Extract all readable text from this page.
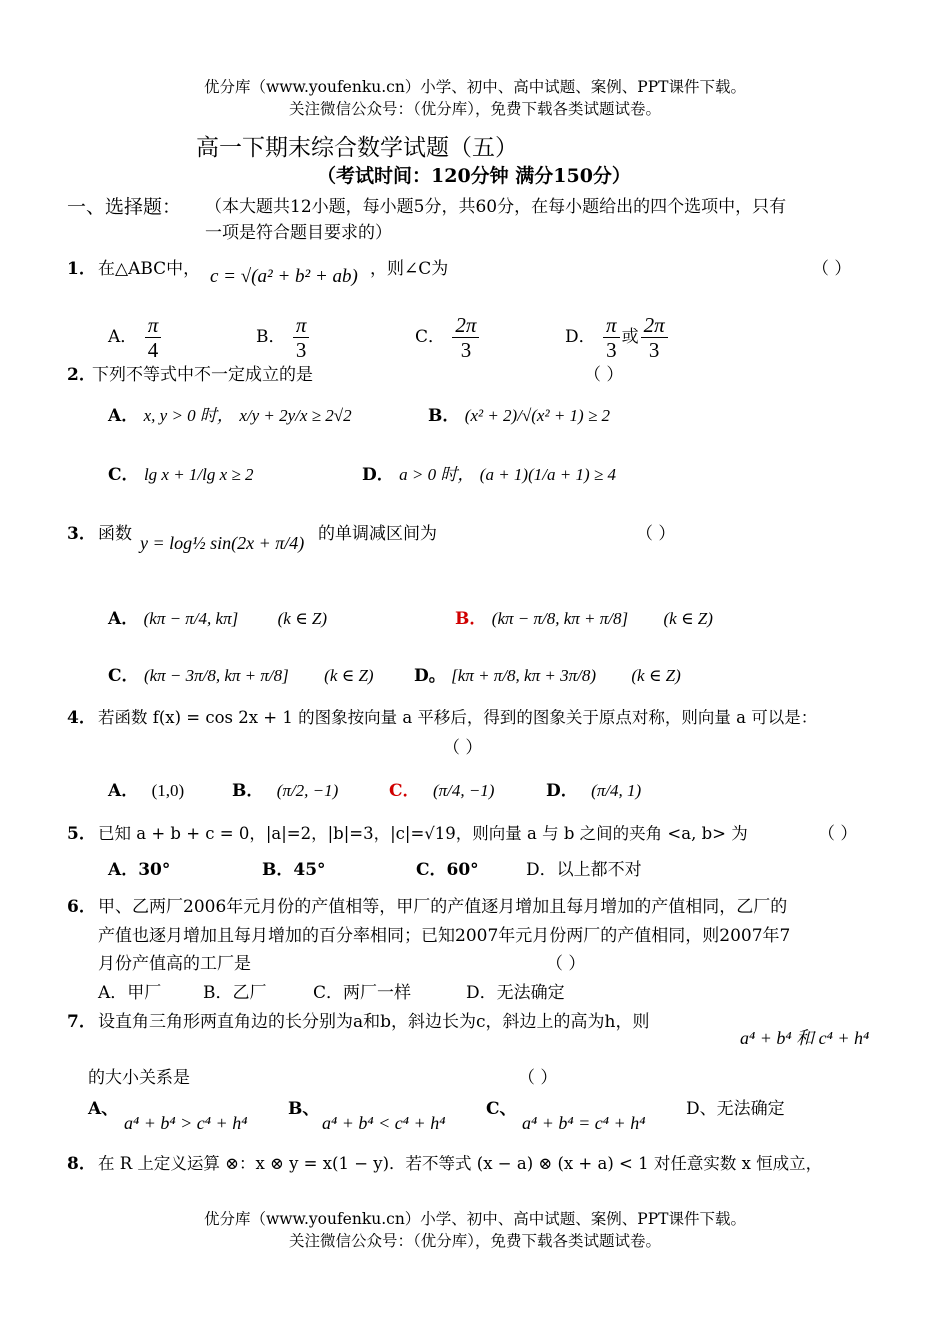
优分库（www.youfenku.cn）小学、初中、高中试题、案例、PPT课件下载。
关注微信公众号：（优分库），免费下载各类试题试卷。
高一下期末综合数学试题（五）
（考试时间：120分钟 满分150分）
一、选择题： （本大题共12小题，每小题5分，共60分，在每小题给出的四个选项中，只有
一项是符合题目要求的）
1． 在△ABC中， c = √(a² + b² + ab) ，则∠C为	（ ）
A． $\frac{\pi}{4}$	B． $\frac{\pi}{3}$	C． $\frac{2\pi}{3}$	D． $\frac{\pi}{3}$ 或 $\frac{2\pi}{3}$
2．
下列不等式中不一定成立的是	（ ）
A． x, y > 0 时， x/y + 2y/x ≥ 2√2	B． (x² + 2)/√(x² + 1) ≥ 2
C． lg x + 1/lg x ≥ 2	D． a > 0 时， (a + 1)(1/a + 1) ≥ 4
3． 函数 y = log½ sin(2x + π/4) 的单调减区间为	（ ）
A． (kπ − π/4, kπ] (k ∈ Z)	B． (kπ − π/8, kπ + π/8] (k ∈ Z)
C． (kπ − 3π/8, kπ + π/8] (k ∈ Z) D。 [kπ + π/8, kπ + 3π/8) (k ∈ Z)
4． 若函数 f(x) = cos 2x + 1 的图象按向量 a 平移后，得到的图象关于原点对称，则向量 a 可以是：
（ ）
A． (1,0)	B． (π/2, −1)	C． (π/4, −1)	D． (π/4, 1)
5． 已知 a + b + c = 0，|a|=2，|b|=3，|c|=√19，则向量 a 与 b 之间的夹角 <a, b> 为	（ ）
A．30°	B．45°	C．60°	D．以上都不对
6． 甲、乙两厂2006年元月份的产值相等，甲厂的产值逐月增加且每月增加的产值相同，乙厂的
产值也逐月增加且每月增加的百分率相同；已知2007年元月份两厂的产值相同，则2007年7
月份产值高的工厂是	（ ）
A．甲厂 B．乙厂	C．两厂一样	D．无法确定
7． 设直角三角形两直角边的长分别为a和b，斜边长为c，斜边上的高为h，则
a⁴ + b⁴ 和 c⁴ + h⁴
的大小关系是	（ ）
A、
a⁴ + b⁴ > c⁴ + h⁴
B、
a⁴ + b⁴ < c⁴ + h⁴
C、
a⁴ + b⁴ = c⁴ + h⁴
D、无法确定
8． 在 R 上定义运算 ⊗：x ⊗ y = x(1 − y)．若不等式 (x − a) ⊗ (x + a) < 1 对任意实数 x 恒成立，
优分库（www.youfenku.cn）小学、初中、高中试题、案例、PPT课件下载。
关注微信公众号：（优分库），免费下载各类试题试卷。
